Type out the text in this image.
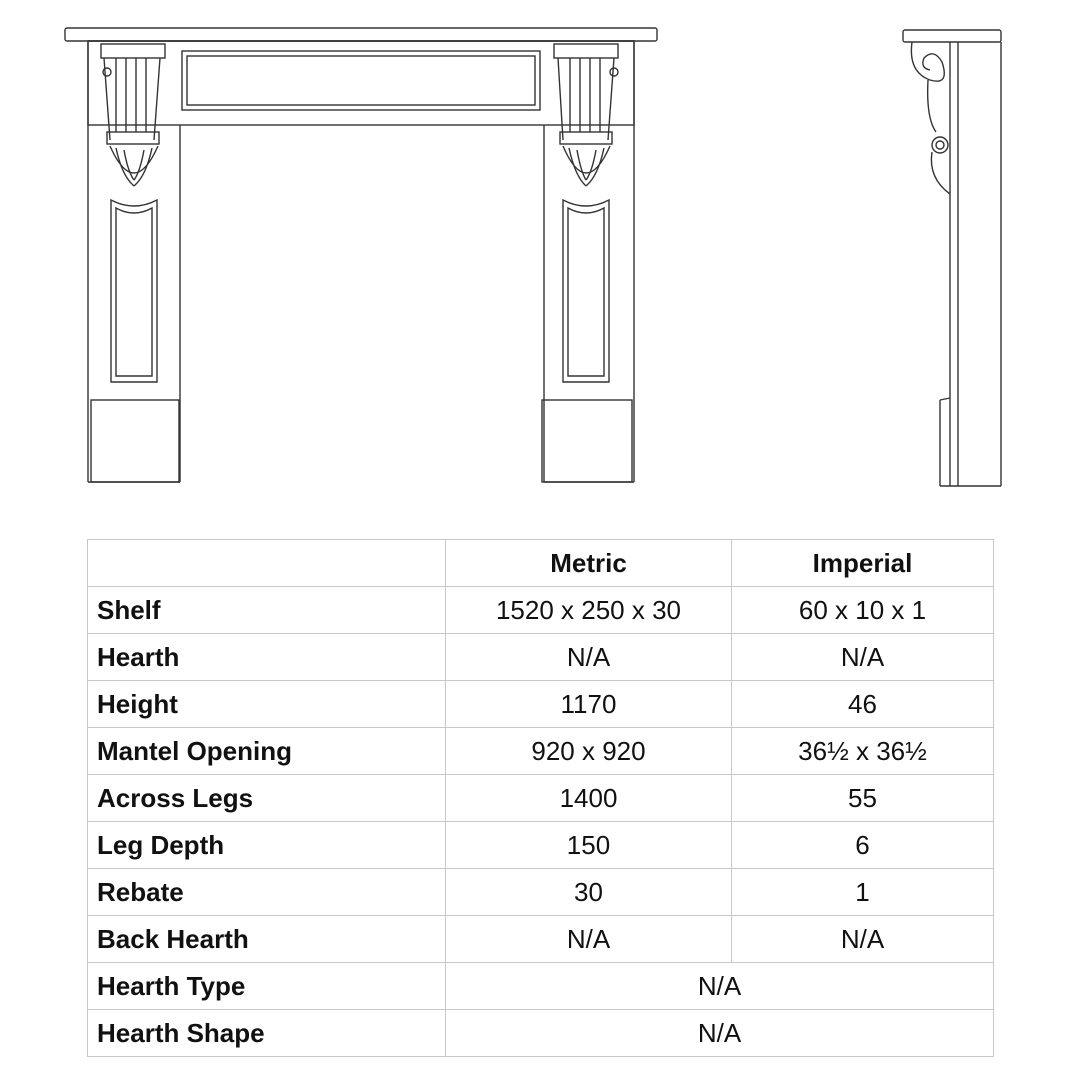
	Metric	Imperial
Shelf	1520 x 250 x 30	60 x 10 x 1
Hearth	N/A	N/A
Height	1170	46
Mantel Opening	920 x 920	36½ x 36½
Across Legs	1400	55
Leg Depth	150	6
Rebate	30	1
Back Hearth	N/A	N/A
Hearth Type	N/A	
Hearth Shape	N/A	
